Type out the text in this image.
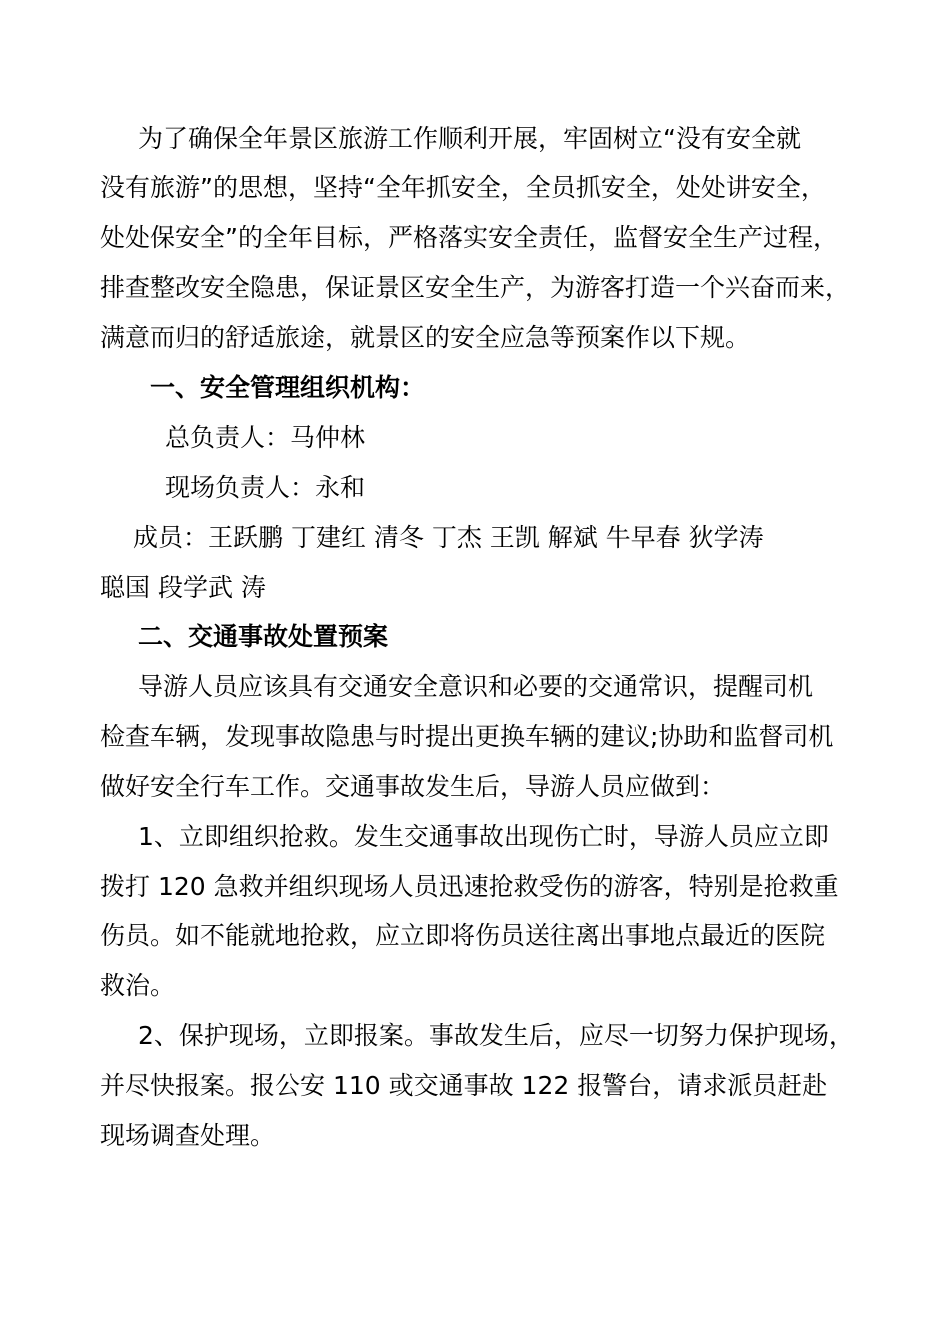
为了确保全年景区旅游工作顺利开展，牢固树立“没有安全就
没有旅游”的思想，坚持“全年抓安全，全员抓安全，处处讲安全，
处处保安全”的全年目标，严格落实安全责任，监督安全生产过程，
排查整改安全隐患，保证景区安全生产，为游客打造一个兴奋而来，
满意而归的舒适旅途，就景区的安全应急等预案作以下规。
一、安全管理组织机构：
总负责人：马仲林
现场负责人：永和
成员：王跃鹏 丁建红 清冬 丁杰 王凯 解斌 牛早春 狄学涛
聪国 段学武 涛
二、交通事故处置预案
导游人员应该具有交通安全意识和必要的交通常识，提醒司机
检查车辆，发现事故隐患与时提出更换车辆的建议;协助和监督司机
做好安全行车工作。交通事故发生后，导游人员应做到：
1、立即组织抢救。发生交通事故出现伤亡时，导游人员应立即
拨打 120 急救并组织现场人员迅速抢救受伤的游客，特别是抢救重
伤员。如不能就地抢救，应立即将伤员送往离出事地点最近的医院
救治。
2、保护现场，立即报案。事故发生后，应尽一切努力保护现场，
并尽快报案。报公安 110 或交通事故 122 报警台，请求派员赶赴
现场调查处理。
